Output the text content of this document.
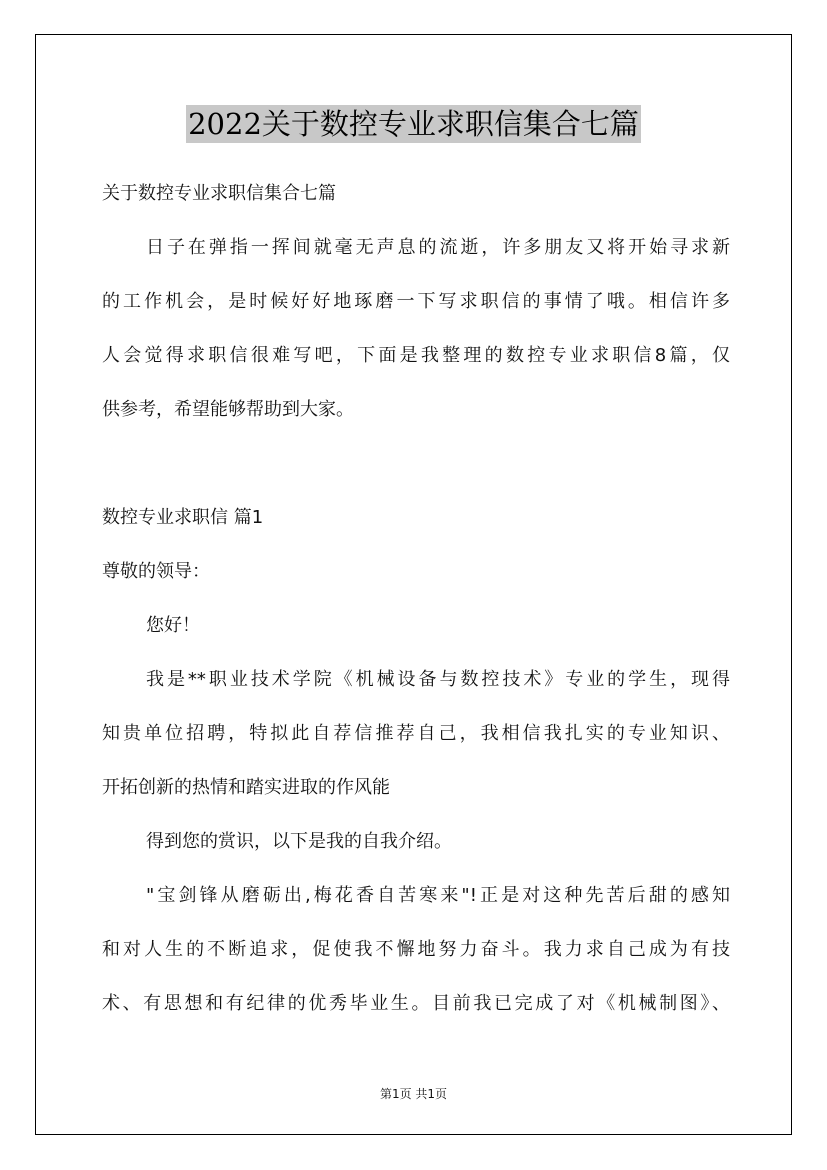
2022关于数控专业求职信集合七篇
关于数控专业求职信集合七篇
日子在弹指一挥间就毫无声息的流逝，许多朋友又将开始寻求新
的工作机会，是时候好好地琢磨一下写求职信的事情了哦。相信许多
人会觉得求职信很难写吧，下面是我整理的数控专业求职信8篇，仅
供参考，希望能够帮助到大家。
数控专业求职信 篇1
尊敬的领导：
您好！
我是**职业技术学院《机械设备与数控技术》专业的学生，现得
知贵单位招聘，特拟此自荐信推荐自己，我相信我扎实的专业知识、
开拓创新的热情和踏实进取的作风能
得到您的赏识，以下是我的自我介绍。
"宝剑锋从磨砺出,梅花香自苦寒来"!正是对这种先苦后甜的感知
和对人生的不断追求，促使我不懈地努力奋斗。我力求自己成为有技
术、有思想和有纪律的优秀毕业生。目前我已完成了对《机械制图》、
第1页 共1页
